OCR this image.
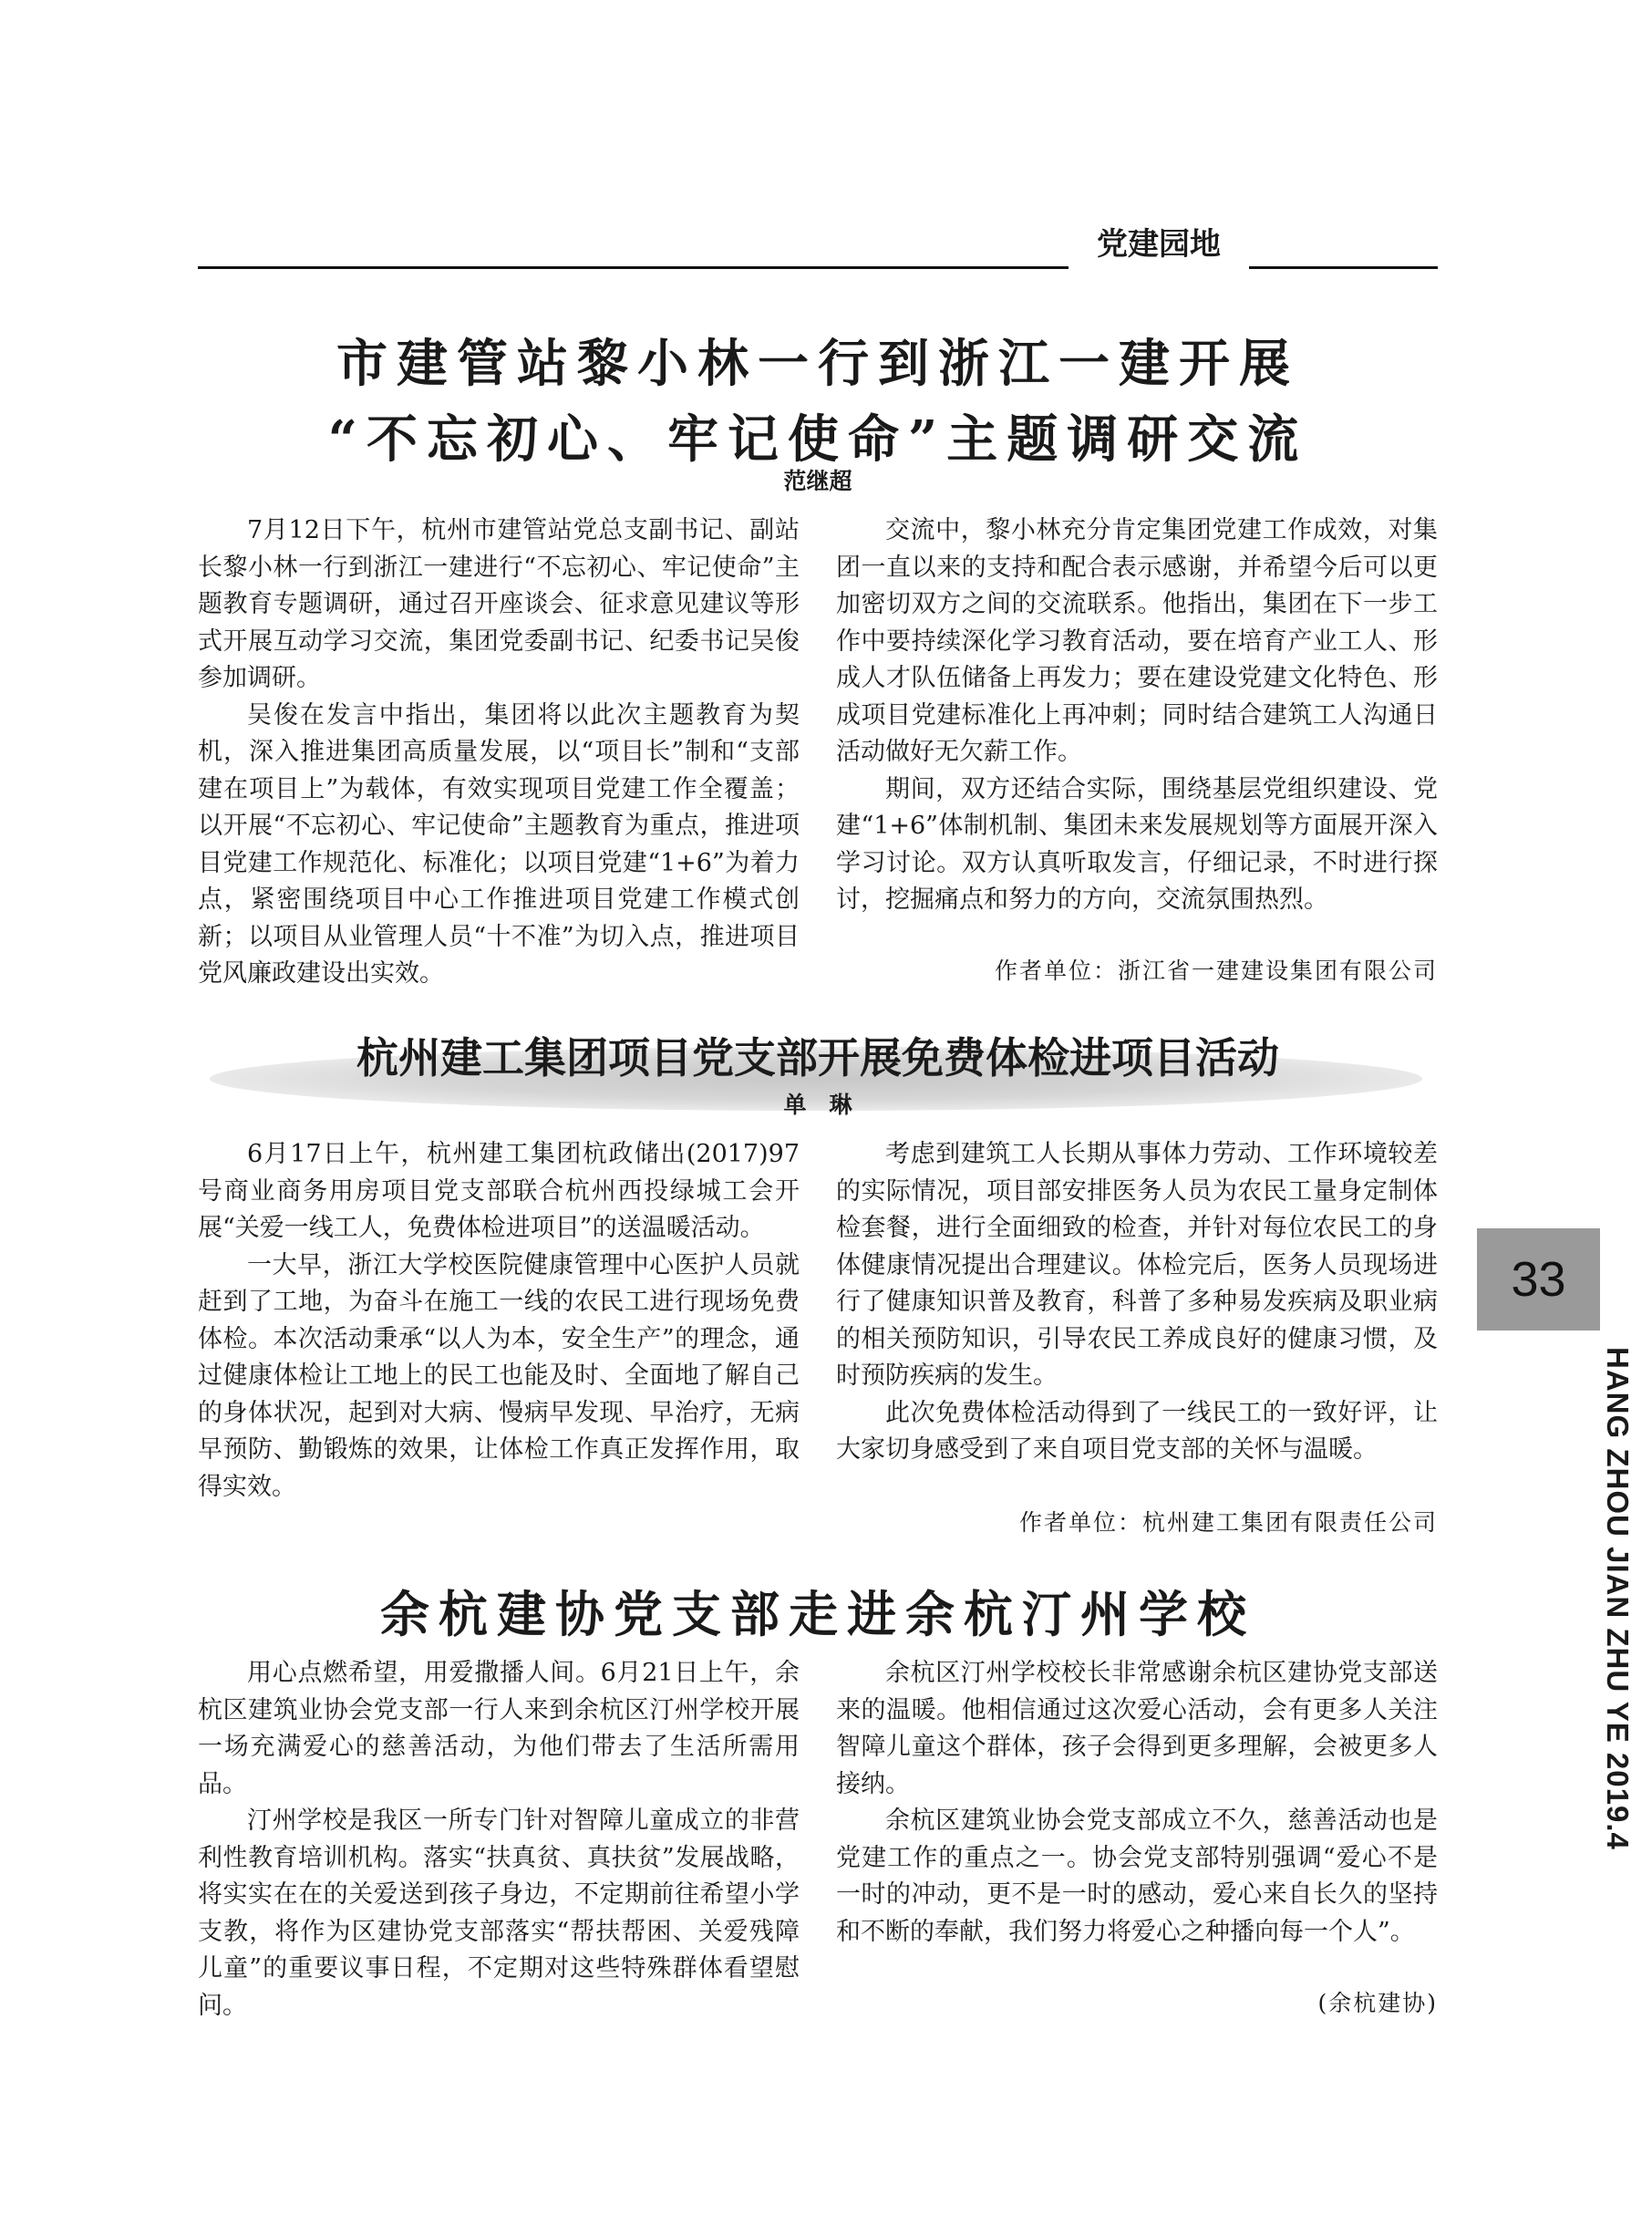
党建园地
市建管站黎小林一行到浙江一建开展
“不忘初心、牢记使命”主题调研交流
范继超

7月12日下午，杭州市建管站党总支副书记、副站长黎小林一行到浙江一建进行“不忘初心、牢记使命”主题教育专题调研，通过召开座谈会、征求意见建议等形式开展互动学习交流，集团党委副书记、纪委书记吴俊参加调研。

吴俊在发言中指出，集团将以此次主题教育为契机，深入推进集团高质量发展，以“项目长”制和“支部建在项目上”为载体，有效实现项目党建工作全覆盖；以开展“不忘初心、牢记使命”主题教育为重点，推进项目党建工作规范化、标准化；以项目党建“1+6”为着力点，紧密围绕项目中心工作推进项目党建工作模式创新；以项目从业管理人员“十不准”为切入点，推进项目党风廉政建设出实效。

交流中，黎小林充分肯定集团党建工作成效，对集团一直以来的支持和配合表示感谢，并希望今后可以更加密切双方之间的交流联系。他指出，集团在下一步工作中要持续深化学习教育活动，要在培育产业工人、形成人才队伍储备上再发力；要在建设党建文化特色、形成项目党建标准化上再冲刺；同时结合建筑工人沟通日活动做好无欠薪工作。

期间，双方还结合实际，围绕基层党组织建设、党建“1+6”体制机制、集团未来发展规划等方面展开深入学习讨论。双方认真听取发言，仔细记录，不时进行探讨，挖掘痛点和努力的方向，交流氛围热烈。

作者单位：浙江省一建建设集团有限公司
杭州建工集团项目党支部开展免费体检进项目活动
单　琳

6月17日上午，杭州建工集团杭政储出(2017)97号商业商务用房项目党支部联合杭州西投绿城工会开展“关爱一线工人，免费体检进项目”的送温暖活动。

一大早，浙江大学校医院健康管理中心医护人员就赶到了工地，为奋斗在施工一线的农民工进行现场免费体检。本次活动秉承“以人为本，安全生产”的理念，通过健康体检让工地上的民工也能及时、全面地了解自己的身体状况，起到对大病、慢病早发现、早治疗，无病早预防、勤锻炼的效果，让体检工作真正发挥作用，取得实效。

考虑到建筑工人长期从事体力劳动、工作环境较差的实际情况，项目部安排医务人员为农民工量身定制体检套餐，进行全面细致的检查，并针对每位农民工的身体健康情况提出合理建议。体检完后，医务人员现场进行了健康知识普及教育，科普了多种易发疾病及职业病的相关预防知识，引导农民工养成良好的健康习惯，及时预防疾病的发生。

此次免费体检活动得到了一线民工的一致好评，让大家切身感受到了来自项目党支部的关怀与温暖。

作者单位：杭州建工集团有限责任公司
余杭建协党支部走进余杭汀州学校

用心点燃希望，用爱撒播人间。6月21日上午，余杭区建筑业协会党支部一行人来到余杭区汀州学校开展一场充满爱心的慈善活动，为他们带去了生活所需用品。

汀州学校是我区一所专门针对智障儿童成立的非营利性教育培训机构。落实“扶真贫、真扶贫”发展战略，将实实在在的关爱送到孩子身边，不定期前往希望小学支教，将作为区建协党支部落实“帮扶帮困、关爱残障儿童”的重要议事日程，不定期对这些特殊群体看望慰问。

余杭区汀州学校校长非常感谢余杭区建协党支部送来的温暖。他相信通过这次爱心活动，会有更多人关注智障儿童这个群体，孩子会得到更多理解，会被更多人接纳。

余杭区建筑业协会党支部成立不久，慈善活动也是党建工作的重点之一。协会党支部特别强调“爱心不是一时的冲动，更不是一时的感动，爱心来自长久的坚持和不断的奉献，我们努力将爱心之种播向每一个人”。

(余杭建协)
33
HANG ZHOU JIAN ZHU YE 2019.4
